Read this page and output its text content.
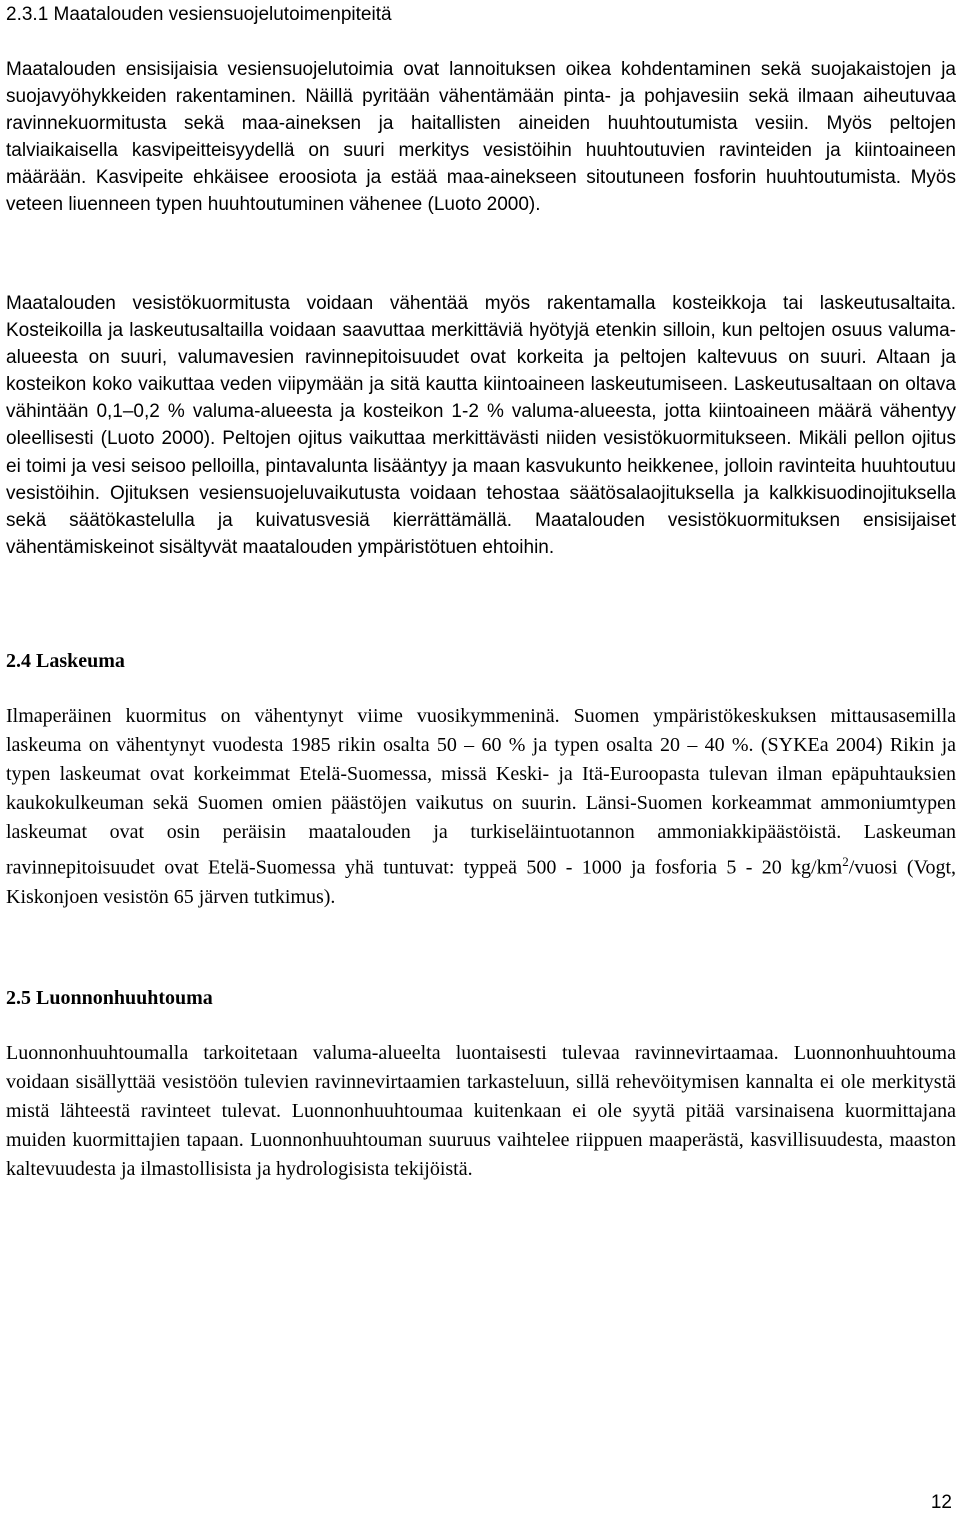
2.3.1 Maatalouden vesiensuojelutoimenpiteitä

Maatalouden ensisijaisia vesiensuojelutoimia ovat lannoituksen oikea kohdentaminen sekä suojakaistojen ja suojavyöhykkeiden rakentaminen. Näillä pyritään vähentämään pinta- ja pohjavesiin sekä ilmaan aiheutuvaa ravinnekuormitusta sekä maa-aineksen ja haitallisten aineiden huuhtoutumista vesiin. Myös peltojen talviaikaisella kasvipeitteisyydellä on suuri merkitys vesistöihin huuhtoutuvien ravinteiden ja kiintoaineen määrään. Kasvipeite ehkäisee eroosiota ja estää maa-ainekseen sitoutuneen fosforin huuhtoutumista. Myös veteen liuenneen typen huuhtoutuminen vähenee (Luoto 2000).

Maatalouden vesistökuormitusta voidaan vähentää myös rakentamalla kosteikkoja tai laskeutusaltaita. Kosteikoilla ja laskeutusaltailla voidaan saavuttaa merkittäviä hyötyjä etenkin silloin, kun peltojen osuus valuma-alueesta on suuri, valumavesien ravinnepitoisuudet ovat korkeita ja peltojen kaltevuus on suuri. Altaan ja kosteikon koko vaikuttaa veden viipymään ja sitä kautta kiintoaineen laskeutumiseen. Laskeutusaltaan on oltava vähintään 0,1–0,2 % valuma-alueesta ja kosteikon 1-2 % valuma-alueesta, jotta kiintoaineen määrä vähentyy oleellisesti (Luoto 2000). Peltojen ojitus vaikuttaa merkittävästi niiden vesistökuormitukseen. Mikäli pellon ojitus ei toimi ja vesi seisoo pelloilla, pintavalunta lisääntyy ja maan kasvukunto heikkenee, jolloin ravinteita huuhtoutuu vesistöihin. Ojituksen vesiensuojeluvaikutusta voidaan tehostaa säätösalaojituksella ja kalkkisuodinojituksella sekä säätökastelulla ja kuivatusvesiä kierrättämällä. Maatalouden vesistökuormituksen ensisijaiset vähentämiskeinot sisältyvät maatalouden ympäristötuen ehtoihin.

2.4 Laskeuma

Ilmaperäinen kuormitus on vähentynyt viime vuosikymmeninä. Suomen ympäristökeskuksen mittausasemilla laskeuma on vähentynyt vuodesta 1985 rikin osalta 50 – 60 % ja typen osalta 20 – 40 %. (SYKEa 2004) Rikin ja typen laskeumat ovat korkeimmat Etelä-Suomessa, missä Keski- ja Itä-Euroopasta tulevan ilman epäpuhtauksien kaukokulkeuman sekä Suomen omien päästöjen vaikutus on suurin. Länsi-Suomen korkeammat ammoniumtypen laskeumat ovat osin peräisin maatalouden ja turkiseläintuotannon ammoniakkipäästöistä. Laskeuman ravinnepitoisuudet ovat Etelä-Suomessa yhä tuntuvat: typpeä 500 - 1000 ja fosforia 5 - 20 $kg/km^2$/vuosi (Vogt, Kiskonjoen vesistön 65 järven tutkimus).

2.5 Luonnonhuuhtouma

Luonnonhuuhtoumalla tarkoitetaan valuma-alueelta luontaisesti tulevaa ravinnevirtaamaa. Luonnonhuuhtouma voidaan sisällyttää vesistöön tulevien ravinnevirtaamien tarkasteluun, sillä rehevöitymisen kannalta ei ole merkitystä mistä lähteestä ravinteet tulevat. Luonnonhuuhtoumaa kuitenkaan ei ole syytä pitää varsinaisena kuormittajana muiden kuormittajien tapaan. Luonnonhuuhtouman suuruus vaihtelee riippuen maaperästä, kasvillisuudesta, maaston kaltevuudesta ja ilmastollisista ja hydrologisista tekijöistä.

12
